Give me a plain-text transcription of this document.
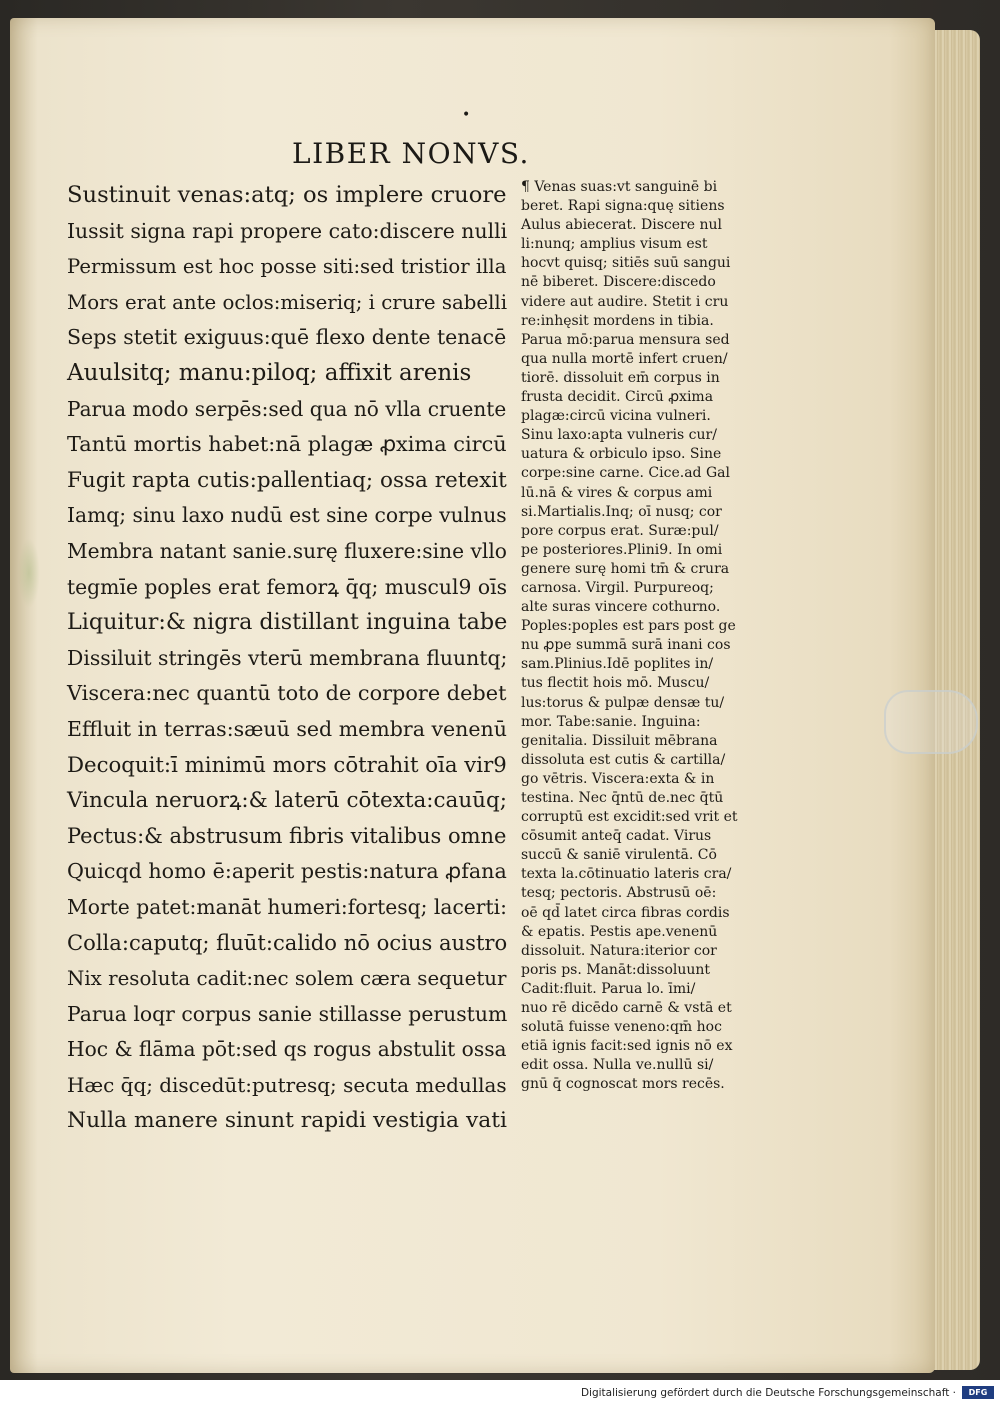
•
LIBER NONVS.
Sustinuit venas:atq; os implere cruore
Iussit signa rapi propere cato:discere nulli
Permissum est hoc posse siti:sed tristior illa
Mors erat ante oclos:miseriq; i crure sabelli
Seps stetit exiguus:quē flexo dente tenacē
Auulsitq; manu:piloq; affixit arenis
Parua modo serpēs:sed qua nō vlla cruente
Tantū mortis habet:nā plagæ ꝓxima circū
Fugit rapta cutis:pallentiaq; ossa retexit
Iamq; sinu laxo nudū est sine corpe vulnus
Membra natant sanie.surę fluxere:sine vllo
tegmīe poples erat femorꝝ q̄q; muscul9 oīs
Liquitur:& nigra distillant inguina tabe
Dissiluit stringēs vterū membrana fluuntq;
Viscera:nec quantū toto de corpore debet
Effluit in terras:sæuū sed membra venenū
Decoquit:ī minimū mors cōtrahit oīa vir9
Vincula neruorꝝ:& laterū cōtexta:cauūq;
Pectus:& abstrusum fibris vitalibus omne
Quicqd homo ē:aperit pestis:natura ꝓfana
Morte patet:manāt humeri:fortesq; lacerti:
Colla:caputq; fluūt:calido nō ocius austro
Nix resoluta cadit:nec solem cæra sequetur
Parua loqr corpus sanie stillasse perustum
Hoc & flāma pōt:sed qs rogus abstulit ossa
Hæc q̄q; discedūt:putresq; secuta medullas
Nulla manere sinunt rapidi vestigia vati
¶ Venas suas:vt sanguinē bi
beret. Rapi signa:quę sitiens
Aulus abiecerat. Discere nul
li:nunq; amplius visum est
hocvt quisq; sitiēs suū sangui
nē biberet. Discere:discedo
videre aut audire. Stetit i cru
re:inhęsit mordens in tibia.
Parua mō:parua mensura sed
qua nulla mortē infert cruen/
tiorē. dissoluit em̄ corpus in
frusta decidit. Circū ꝓxima
plagæ:circū vicina vulneri.
Sinu laxo:apta vulneris cur/
uatura & orbiculo ipso. Sine
corpe:sine carne. Cice.ad Gal
lū.nā & vires & corpus ami
si.Martialis.Inq; oī nusq; cor
pore corpus erat. Suræ:pul/
pe posteriores.Plini9. In omi
genere surę homi tm̄ & crura
carnosa. Virgil. Purpureoq;
alte suras vincere cothurno.
Poples:poples est pars post ge
nu ꝓpe summā surā inani cos
sam.Plinius.Idē poplites in/
tus flectit hois mō. Muscu/
lus:torus & pulpæ densæ tu/
mor. Tabe:sanie. Inguina:
genitalia. Dissiluit mēbrana
dissoluta est cutis & cartilla/
go vētris. Viscera:exta & in
testina. Nec q̄ntū de.nec q̄tū
corruptū est excidit:sed vrit et
cōsumit anteq̄ cadat. Virus
succū & saniē virulentā. Cō
texta la.cōtinuatio lateris cra/
tesq; pectoris. Abstrusū oē:
oē qd̄ latet circa fibras cordis
& epatis. Pestis ape.venenū
dissoluit. Natura:iterior cor
poris ps. Manāt:dissoluunt
Cadit:fluit. Parua lo. īmi/
nuo rē dicēdo carnē & vstā et
solutā fuisse veneno:qm̄ hoc
etiā ignis facit:sed ignis nō ex
edit ossa. Nulla ve.nullū si/
gnū q̄ cognoscat mors recēs.
Digitalisierung gefördert durch die Deutsche Forschungsgemeinschaft ·	DFG
